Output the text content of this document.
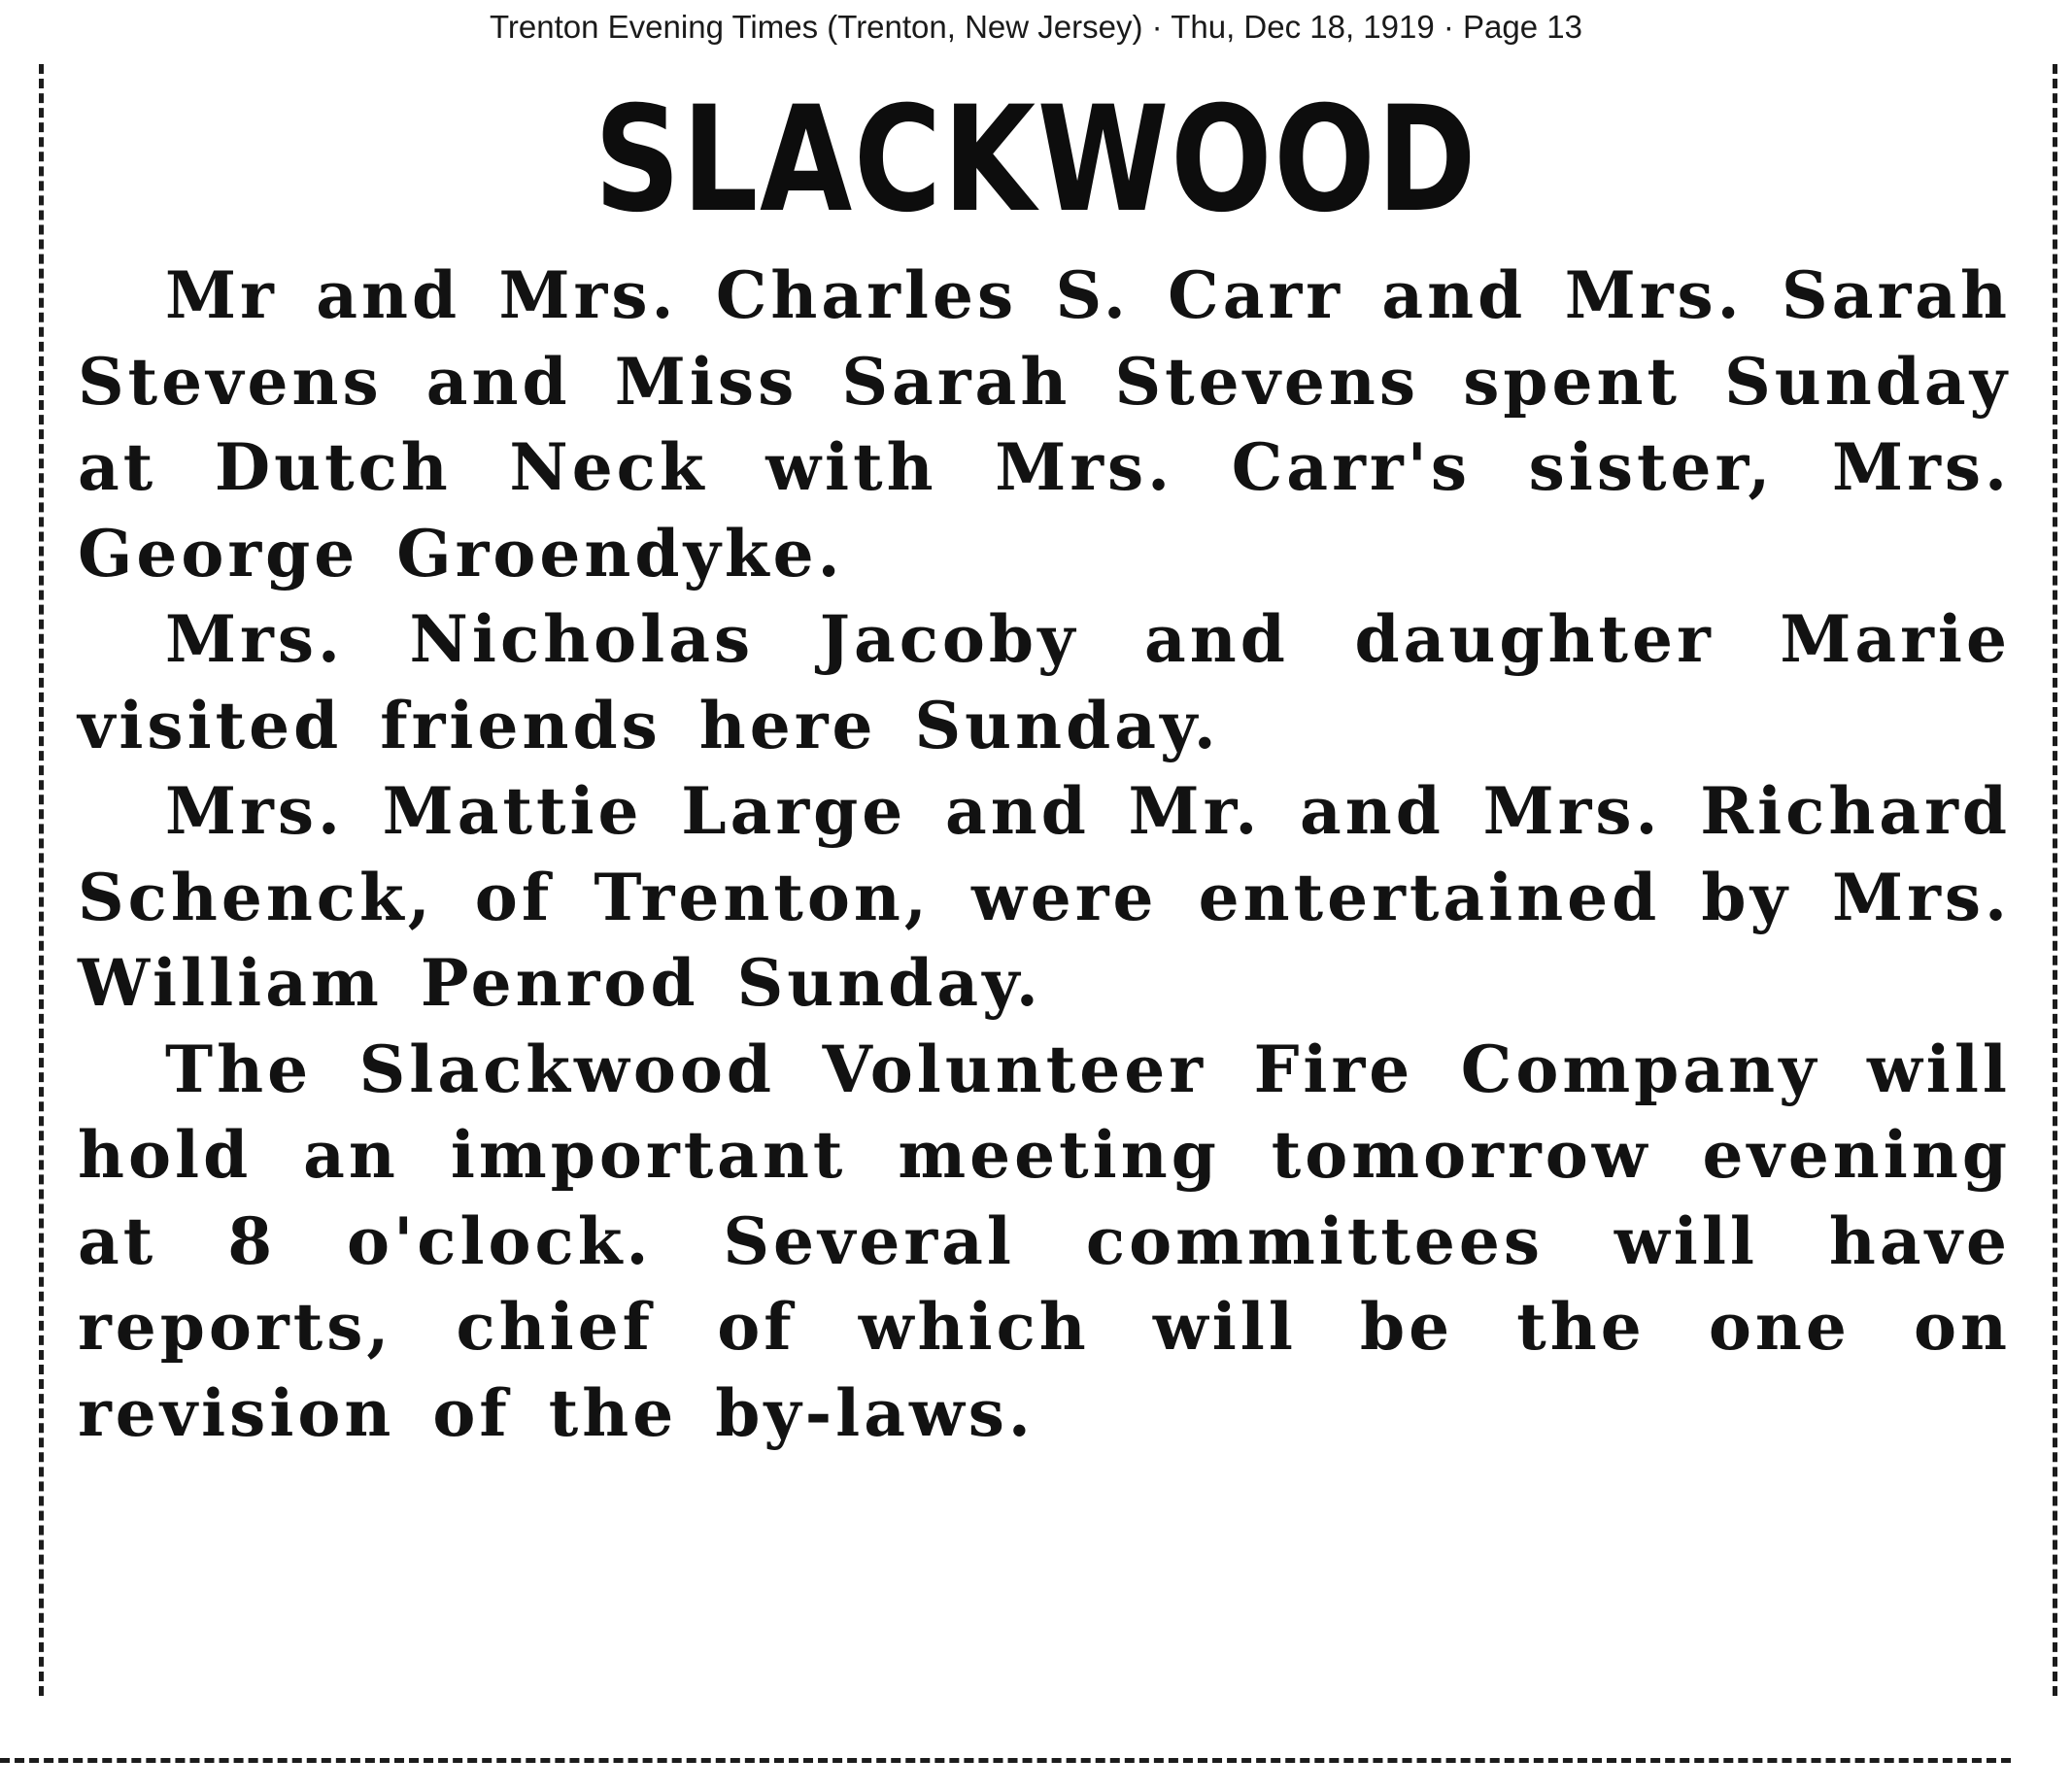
Trenton Evening Times (Trenton, New Jersey) · Thu, Dec 18, 1919 · Page 13
SLACKWOOD

Mr and Mrs. Charles S. Carr and Mrs. Sarah Stevens and Miss Sarah Stevens spent Sunday at Dutch Neck with Mrs. Carr's sister, Mrs. George Groendyke.

Mrs. Nicholas Jacoby and daughter Marie visited friends here Sunday.

Mrs. Mattie Large and Mr. and Mrs. Richard Schenck, of Trenton, were entertained by Mrs. William Penrod Sunday.

The Slackwood Volunteer Fire Company will hold an important meeting tomorrow evening at 8 o'clock. Several committees will have reports, chief of which will be the one on revision of the by-laws.
